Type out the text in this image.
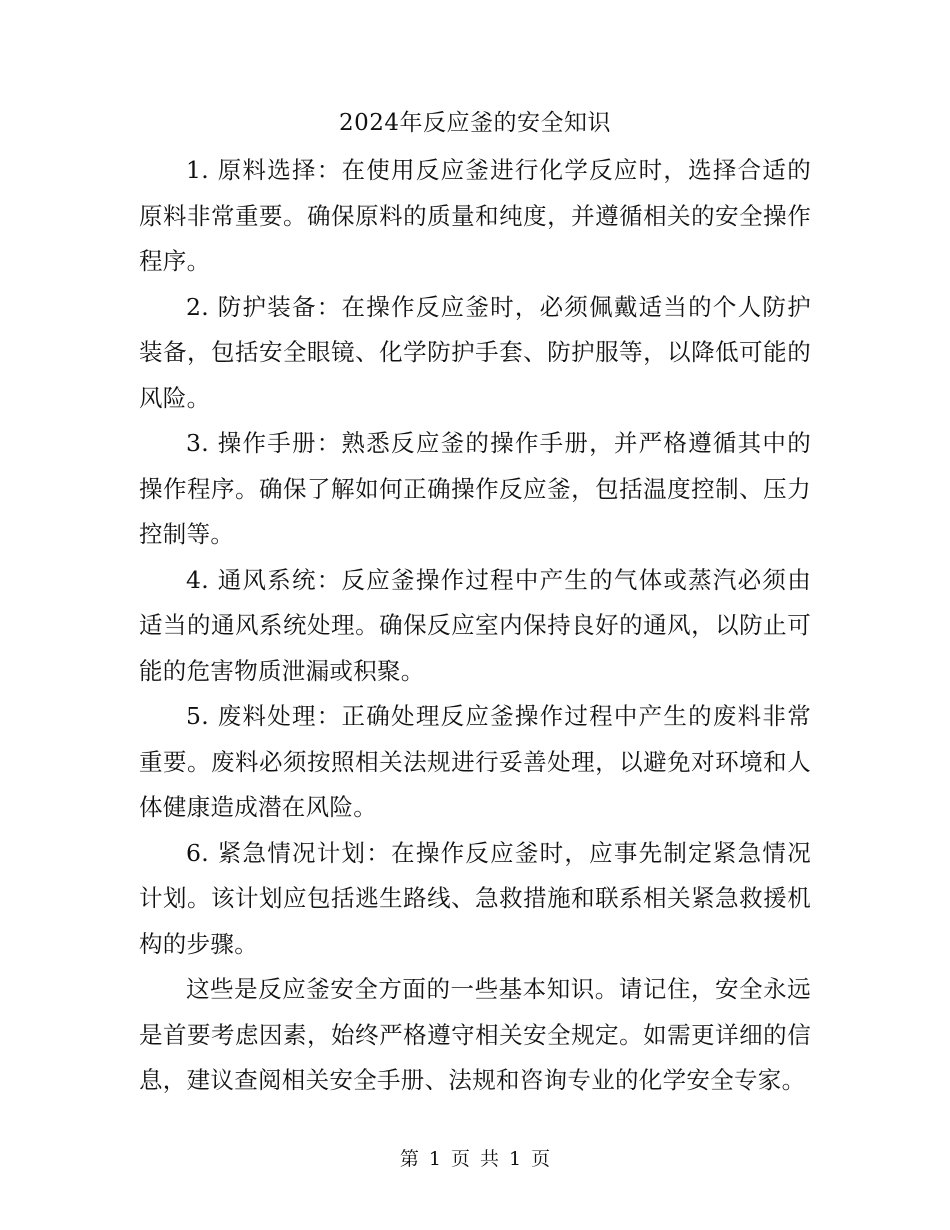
2024年反应釜的安全知识

1. 原料选择：在使用反应釜进行化学反应时，选择合适的原料非常重要。确保原料的质量和纯度，并遵循相关的安全操作程序。

2. 防护装备：在操作反应釜时，必须佩戴适当的个人防护装备，包括安全眼镜、化学防护手套、防护服等，以降低可能的风险。

3. 操作手册：熟悉反应釜的操作手册，并严格遵循其中的操作程序。确保了解如何正确操作反应釜，包括温度控制、压力控制等。

4. 通风系统：反应釜操作过程中产生的气体或蒸汽必须由适当的通风系统处理。确保反应室内保持良好的通风，以防止可能的危害物质泄漏或积聚。

5. 废料处理：正确处理反应釜操作过程中产生的废料非常重要。废料必须按照相关法规进行妥善处理，以避免对环境和人体健康造成潜在风险。

6. 紧急情况计划：在操作反应釜时，应事先制定紧急情况计划。该计划应包括逃生路线、急救措施和联系相关紧急救援机构的步骤。

这些是反应釜安全方面的一些基本知识。请记住，安全永远是首要考虑因素，始终严格遵守相关安全规定。如需更详细的信息，建议查阅相关安全手册、法规和咨询专业的化学安全专家。

第 1 页 共 1 页
